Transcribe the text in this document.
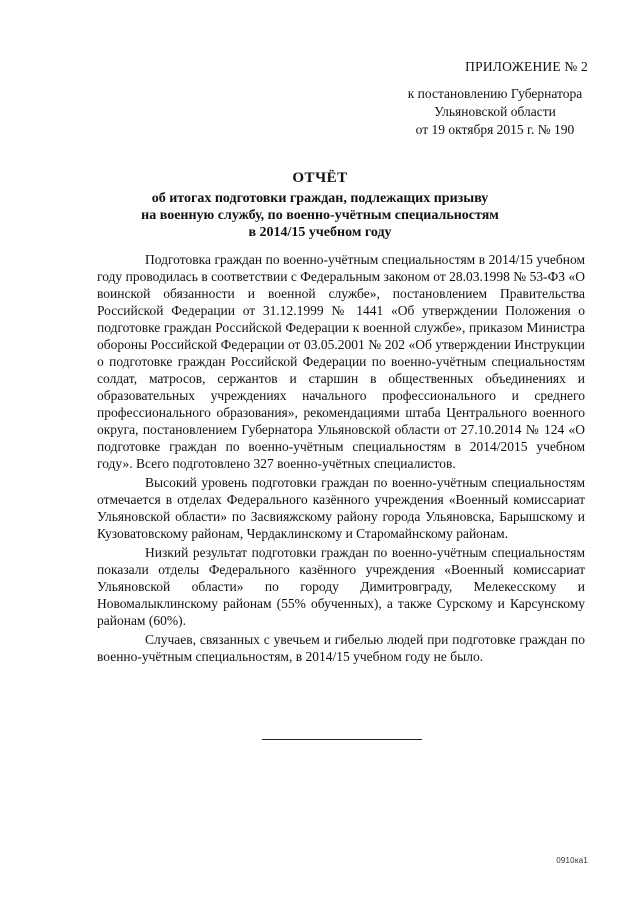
ПРИЛОЖЕНИЕ № 2
к постановлению Губернатора
Ульяновской области
от 19 октября 2015 г. № 190
ОТЧЁТ
об итогах подготовки граждан, подлежащих призыву
на военную службу, по военно-учётным специальностям
в 2014/15 учебном году

Подготовка граждан по военно-учётным специальностям в 2014/15 учебном году проводилась в соответствии с Федеральным законом от 28.03.1998 № 53-ФЗ «О воинской обязанности и военной службе», постановлением Правительства Российской Федерации от 31.12.1999 № 1441 «Об утверждении Положения о подготовке граждан Российской Федерации к военной службе», приказом Министра обороны Российской Федерации от 03.05.2001 № 202 «Об утверждении Инструкции о подготовке граждан Российской Федерации по военно-учётным специальностям солдат, матросов, сержантов и старшин в общественных объединениях и образовательных учреждениях начального профессионального и среднего профессионального образования», рекомендациями штаба Центрального военного округа, постановлением Губернатора Ульяновской области от 27.10.2014 № 124 «О подготовке граждан по военно-учётным специальностям в 2014/2015 учебном году». Всего подготовлено 327 военно-учётных специалистов.

Высокий уровень подготовки граждан по военно-учётным специальностям отмечается в отделах Федерального казённого учреждения «Военный комиссариат Ульяновской области» по Засвияжскому району города Ульяновска, Барышскому и Кузоватовскому районам, Чердаклинскому и Старомайнскому районам.

Низкий результат подготовки граждан по военно-учётным специальностям показали отделы Федерального казённого учреждения «Военный комиссариат Ульяновской области» по городу Димитровграду, Мелекесскому и Новомалыклинскому районам (55% обученных), а также Сурскому и Карсунскому районам (60%).

Случаев, связанных с увечьем и гибелью людей при подготовке граждан по военно-учётным специальностям, в 2014/15 учебном году не было.

0910ка1
